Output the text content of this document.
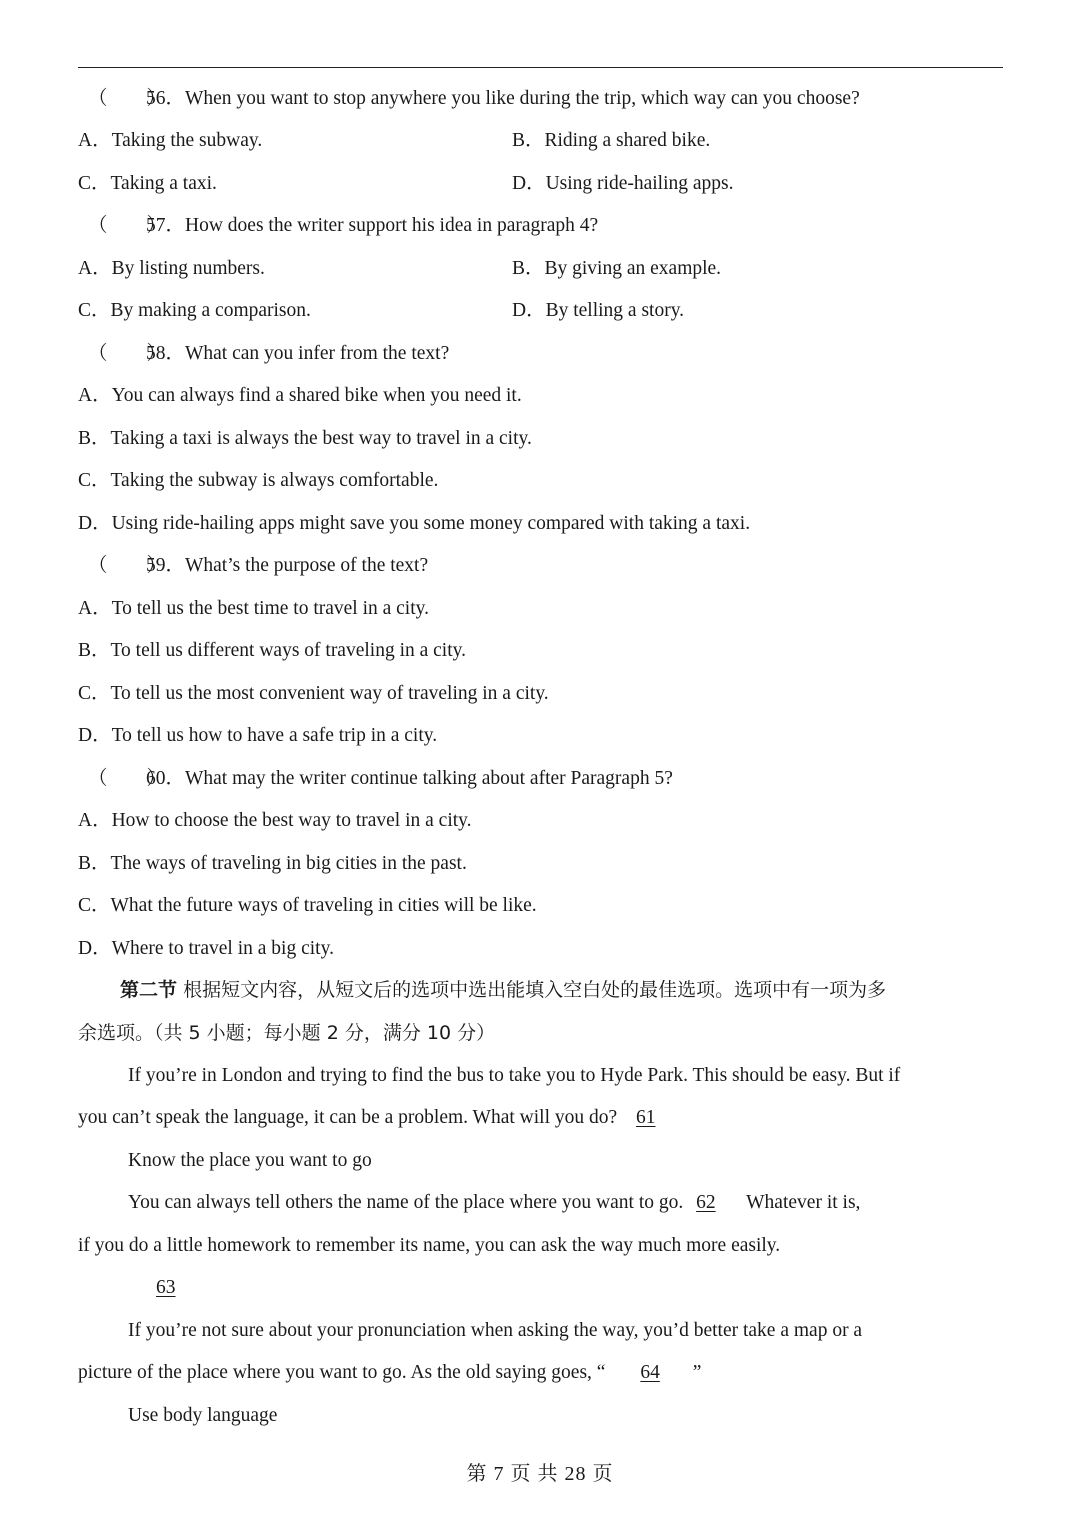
（　　）56．When you want to stop anywhere you like during the trip, which way can you choose?
A．Taking the subway.	B．Riding a shared bike.
C．Taking a taxi.	D．Using ride-hailing apps.
（　　）57．How does the writer support his idea in paragraph 4?
A．By listing numbers.	B．By giving an example.
C．By making a comparison.	D．By telling a story.
（　　）58．What can you infer from the text?
A．You can always find a shared bike when you need it.
B．Taking a taxi is always the best way to travel in a city.
C．Taking the subway is always comfortable.
D．Using ride-hailing apps might save you some money compared with taking a taxi.
（　　）59．What’s the purpose of the text?
A．To tell us the best time to travel in a city.
B．To tell us different ways of traveling in a city.
C．To tell us the most convenient way of traveling in a city.
D．To tell us how to have a safe trip in a city.
（　　）60．What may the writer continue talking about after Paragraph 5?
A．How to choose the best way to travel in a city.
B．The ways of traveling in big cities in the past.
C．What the future ways of traveling in cities will be like.
D．Where to travel in a big city.
第二节 根据短文内容，从短文后的选项中选出能填入空白处的最佳选项。选项中有一项为多
余选项。（共 5 小题；每小题 2 分，满分 10 分）
If you’re in London and trying to find the bus to take you to Hyde Park. This should be easy. But if
you can’t speak the language, it can be a problem. What will you do? 61
Know the place you want to go
You can always tell others the name of the place where you want to go. 62 Whatever it is,
if you do a little homework to remember its name, you can ask the way much more easily.
63
If you’re not sure about your pronunciation when asking the way, you’d better take a map or a
picture of the place where you want to go. As the old saying goes, “ 64 ”
Use body language
第 7 页 共 28 页
